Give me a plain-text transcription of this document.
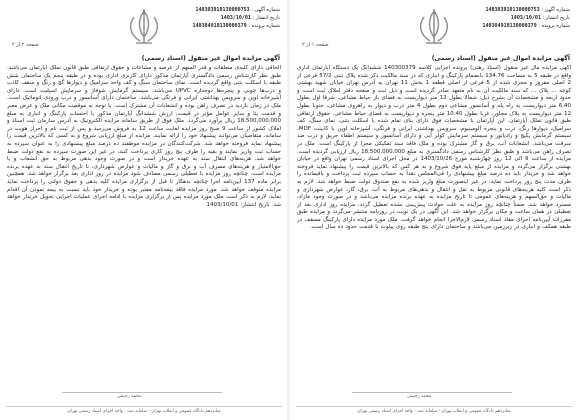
شماره آگهی : 140303910130000753
تاریخ انتشار : 1403/10/01
شماره پرونده : 140304910130000379
صفحه ۲ از ۲
آگهی مزایده اموال غیر منقول (اسناد رسمی)
الحاقی دارای کلیه‌ی متعلقات و قدر السهم از عرصه و مشاعات و حقوق ارتفاقی طبق قانون تملک آپارتمان می‌باشد. طبق نظر کارشناس رسمی دادگستری آپارتمان مذکور دارای کاربری اداری بوده و در طبقه پنجم یک ساختمان شش طبقه با اسکلت بتنی واقع گردیده است. نمای ساختمان سنگ و کف واحد سرامیک و دیوارها گچ و رنگ و سقف کاذب و درب‌ها چوبی و پنجره‌ها دوجداره UPVC می‌باشد. سیستم گرمایش شوفاژ و سرمایش اسپلیت است. دارای آشپزخانه اوپن و سرویس بهداشتی ایرانی و فرنگی می‌باشد. ساختمان دارای آسانسور و درب ورودی اتوماتیک است. ملک در زمان بازدید در تصرف راهن بوده و انشعابات آن مشترک است. با توجه به موقعیت مکانی ملک و عرض معبر و قدمت بنا و سایر عوامل مؤثر در قیمت، ارزش ششدانگ آپارتمان مذکور با احتساب پارکینگ و انباری به مبلغ 18,500,000,000 ریال برآورد می‌گردد. ملک فوق از طریق سامانه مزایده الکترونیک به آدرس سازمان ثبت اسناد و املاک کشور از ساعت 9 صبح روز مزایده لغایت ساعت 12 به فروش می‌رسد و پس از ثبت نام و احراز هویت در سامانه، متقاضیان می‌توانند پیشنهاد خود را ارائه نمایند. مزایده از مبلغ ارزیابی شروع و به کسی که بالاترین قیمت را پیشنهاد نماید فروخته خواهد شد. شرکت‌کنندگان در مزایده موظفند ده درصد مبلغ پیشنهادی را به عنوان سپرده به حساب ثبت واریز نمایند و بقیه را ظرف پنج روز کاری پرداخت کنند، در غیر این صورت سپرده به نفع دولت ضبط خواهد شد. هزینه‌های انتقال سند به عهده خریدار است و در صورت وجود بدهی مربوط به حق انشعاب و یا حق‌الامتیاز و هزینه‌های مصرف آب و برق و گاز و مالیات و عوارض شهرداری، تا تاریخ انتقال سند به عهده برنده مزایده است. چنانچه روز مزایده با تعطیلی رسمی مصادف شود مزایده در روز اداری بعد برگزار خواهد شد. همچنین برابر ماده 137 آیین‌نامه اجرا چنانچه بدهکار تا قبل از برگزاری مزایده کلیه بدهی و حقوق دولتی را پرداخت نماید مزایده متوقف خواهد شد. مورد مزایده فاقد بیمه‌نامه معتبر بوده و خریدار خود باید نسبت به بیمه نمودن آن اقدام نماید. لازم به ذکر است ملک مورد مزایده پس از برگزاری مزایده با ادامه اجرای عملیات اجرایی تحویل خریدار خواهد شد. تاریخ انتشار: 1403/10/01
محمد رحیمی
شانزدهم دادگاه عمومی و انقلاب تهران - سامانه ثبت - واحد اجرای اسناد رسمی تهران
شماره آگهی : 140303910130000753
تاریخ انتشار : 1403/10/01
شماره پرونده : 140304910130000379
صفحه ۱ از ۲
آگهی مزایده اموال غیر منقول (اسناد رسمی)
آگهی مزایده مال غیر منقول (اسناد رهنی) پرونده اجرایی کلاسه 140300379 ششدانگ یک دستگاه آپارتمان اداری واقع در طبقه 5 به مساحت 134.76 بانضمام پارکینگ و انباری که در سند مالکیت ذکر شده پلاک ثبتی 57/2 فرعی از 2 اصلی مفروز و مجزی شده از 5 فرعی از اصلی قطعه 1 بخش 11 تهران به آدرس تهران خیابان شهید بهشتی کوچه ... پلاک ... که سند مالکیت آن به نام متعهد صادر گردیده است و ذیل ثبت و صفحه دفتر املاک ثبت است و حدود اربعه و مشخصات آن بشرح ذیل: شمالا بطول 12 متر دیواریست به فضای باز حیاط مشاعی، شرقا اول بطول 6.40 متر دیواریست به راه پله و آسانسور مشاعی دوم بطول 4 متر درب و دیوار به راهروی مشاعی، جنوبا بطول 12 متر دیواریست به پلاک مجاور، غربا بطول 10.40 متر پنجره و دیواریست به فضای حیاط مشاعی. حقوق ارتفاقی طبق قانون تملک آپارتمان. این آپارتمان با مشخصات فوق دارای بنای تمام شده با اسکلت بتنی، نمای سنگ، کف سرامیک، دیوارها رنگ، درب و پنجره آلومینیوم، سرویس بهداشتی ایرانی و فرنگی، آشپزخانه اوپن با کابینت MDF، سیستم گرمایش پکیج و رادیاتور و سیستم سرمایش کولر آبی و دارای آسانسور و سیستم اطفاء حریق و درب ضد سرقت می‌باشد. انشعابات آب، برق و گاز مشترک بوده و ملک فاقد سند تفکیکی مجزا از پارکینگ است. ملک در تصرف راهن می‌باشد و طبق نظر کارشناس رسمی دادگستری به مبلغ 18,500,000,000 ریال ارزیابی گردیده است. مزایده از ساعت 9 الی 12 روز چهارشنبه مورخ 1403/10/26 در محل اجرای اسناد رسمی تهران واقع در خیابان بهشتی برگزار می‌گردد و مزایده از مبلغ پایه فوق شروع و به هر کس که بالاترین قیمت را پیشنهاد نماید فروخته خواهد شد و خریدار باید ده درصد مبلغ پیشنهادی را فی‌المجلس نقداً به حساب سپرده ثبت پرداخت و باقیمانده را ظرف مدت پنج روز پرداخت نماید، در غیر اینصورت مبلغ واریز شده به نفع صندوق دولت ضبط خواهد شد. لازم به ذکر است کلیه هزینه‌های قانونی مربوط به نقل و انتقال و بدهی‌های مربوط به آب، برق، گاز، عوارض شهرداری و مالیات و حق‌السهم و هزینه‌های عمومی تا تاریخ مزایده به عهده برنده مزایده می‌باشد و در صورت وجود مازاد، مسترد خواهد شد. ضمناً چنانچه روز مزایده به علت حوادث پیش‌بینی نشده تعطیل گردد، مزایده روز اداری بعد از تعطیلی در همان ساعت و مکان برگزار خواهد شد. این آگهی در یک نوبت در روزنامه منتشر می‌گردد و مزایده طبق مقررات آیین‌نامه اجرای مفاد اسناد رسمی لازم‌الاجرا انجام خواهد گرفت. ملک مورد مزایده دارای پارکینگ مسقف در طبقه همکف و انباری در زیرزمین می‌باشد و ساختمان دارای پنج طبقه روی پیلوت با قدمت حدود ده سال است.
محمد رحیمی
شانزدهم دادگاه عمومی و انقلاب تهران - سامانه ثبت - واحد اجرای اسناد رسمی تهران
